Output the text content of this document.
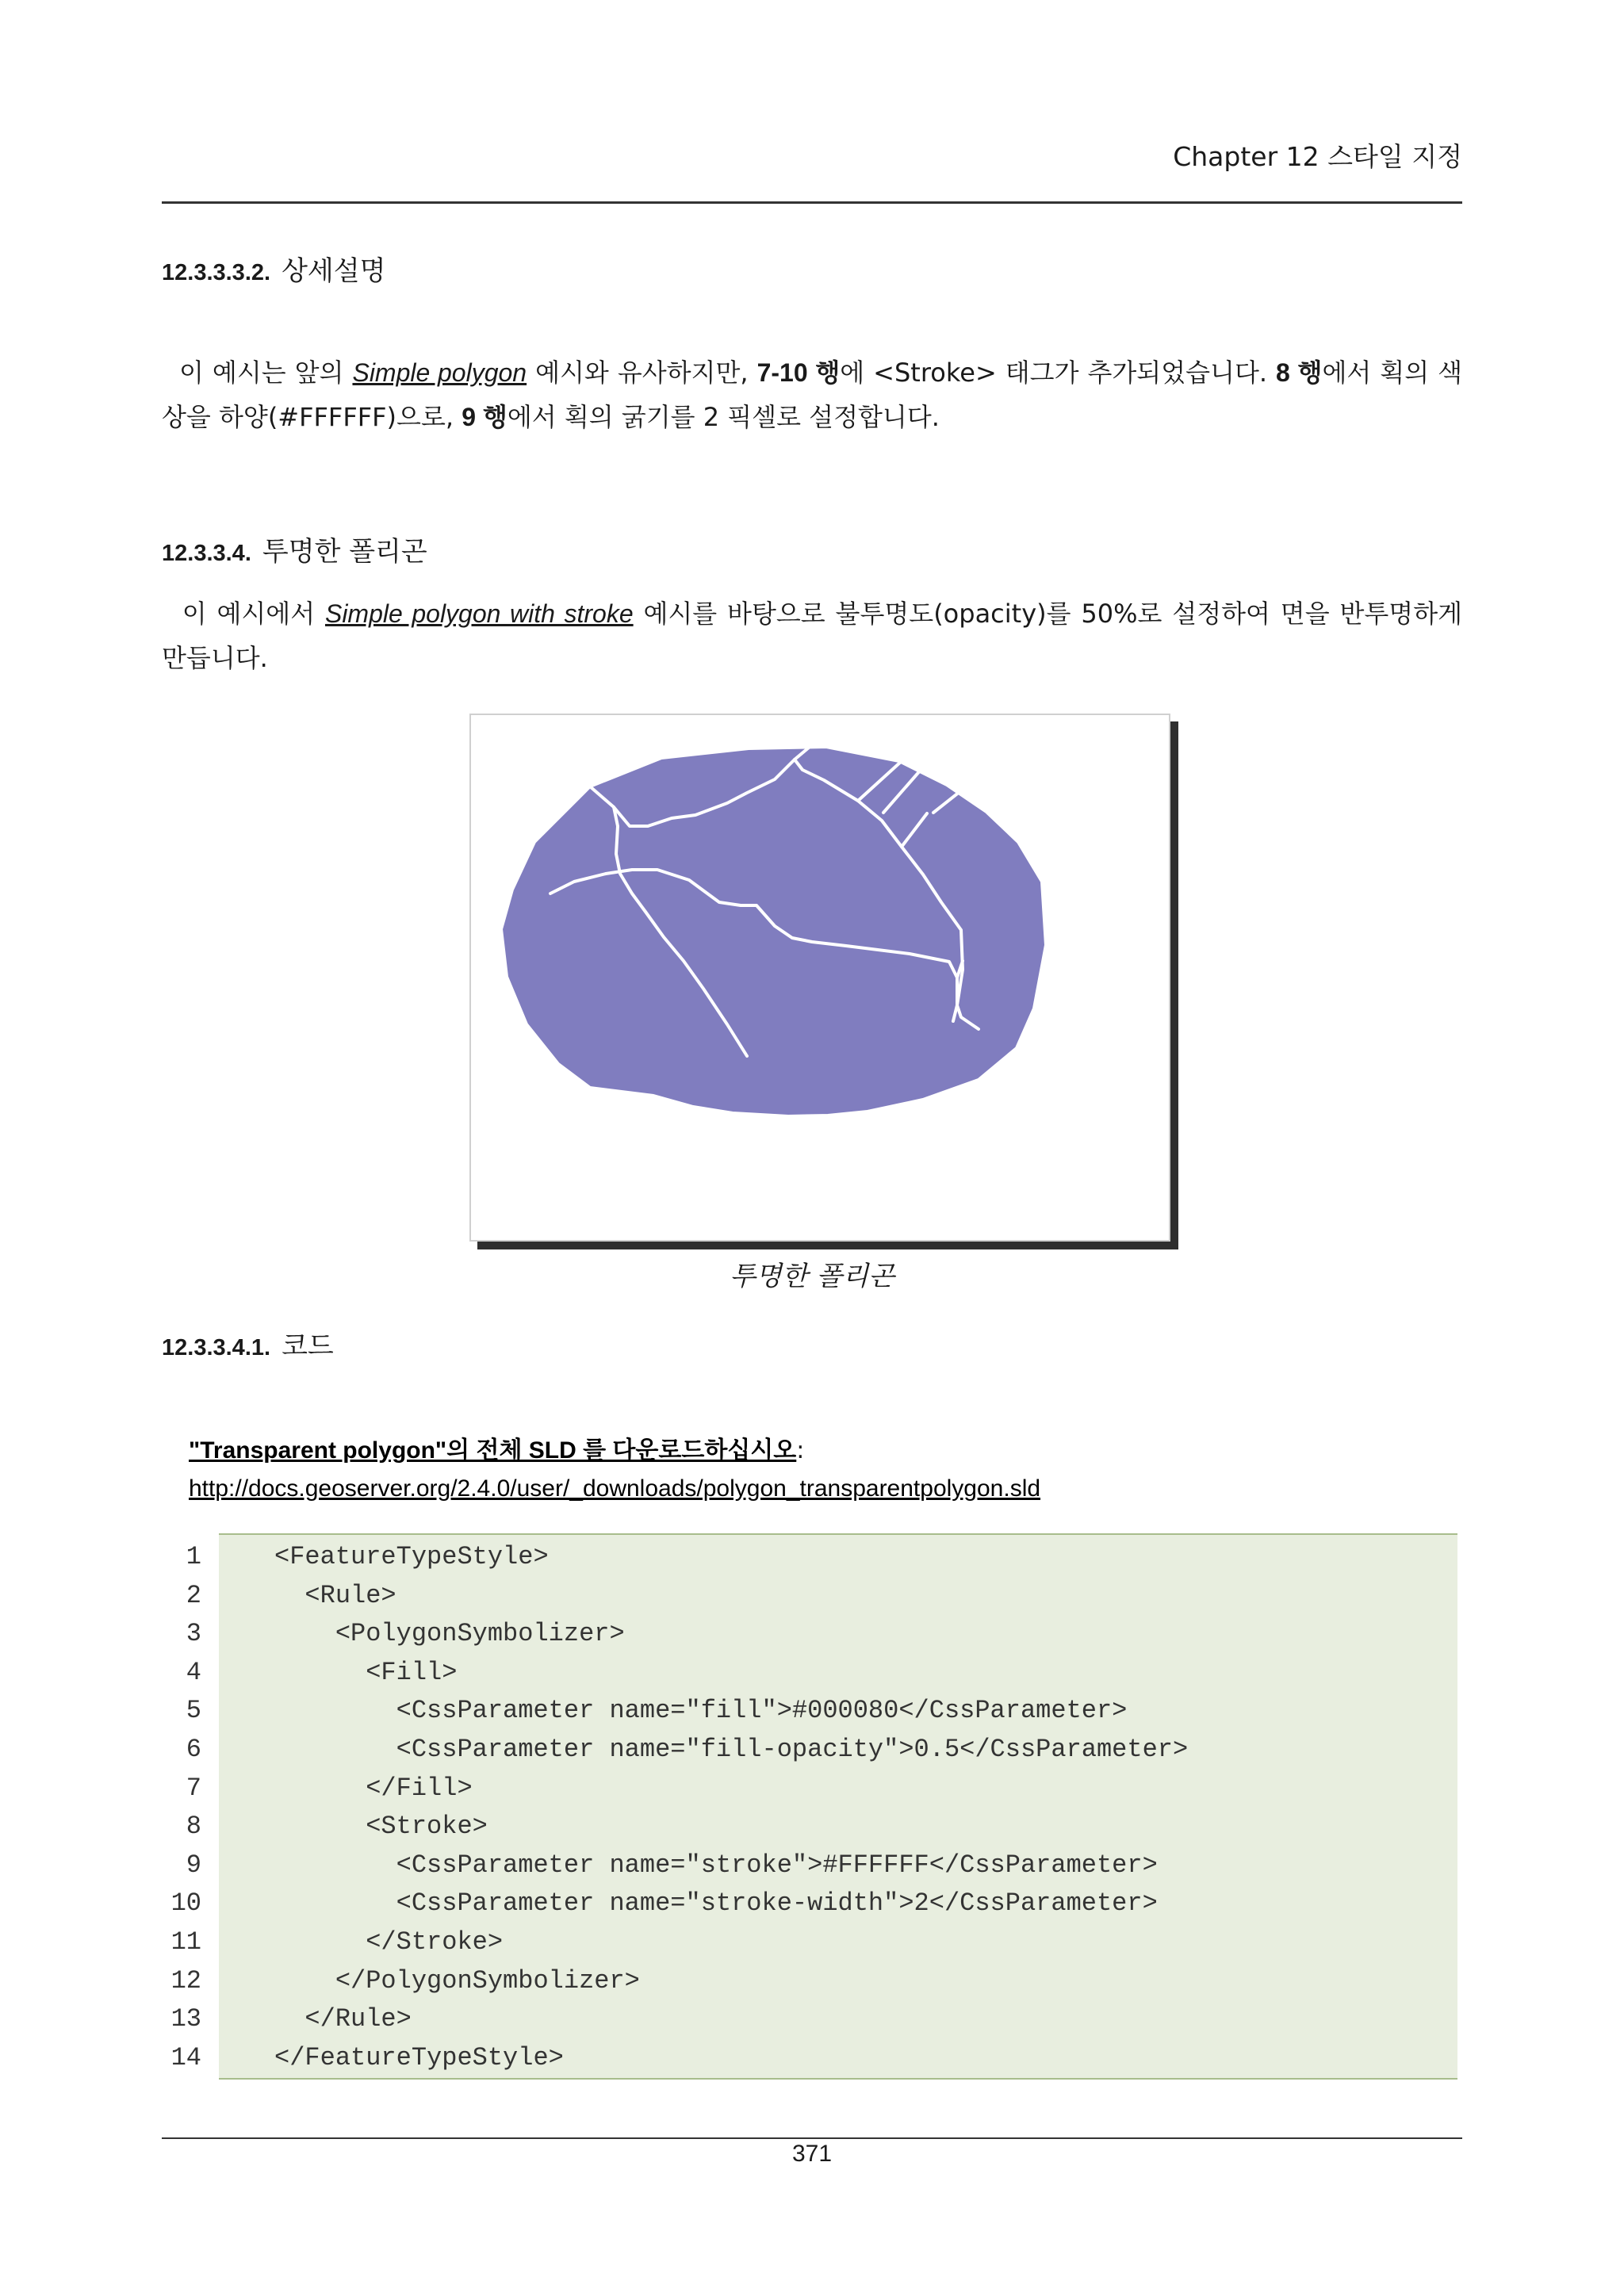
Chapter 12 스타일 지정
12.3.3.3.2. 상세설명
이 예시는 앞의 Simple polygon 예시와 유사하지만, 7-10 행에 <Stroke> 태그가 추가되었습니다. 8 행에서 획의 색상을 하양(#FFFFFF)으로, 9 행에서 획의 굵기를 2 픽셀로 설정합니다.
12.3.3.4. 투명한 폴리곤
이 예시에서 Simple polygon with stroke 예시를 바탕으로 불투명도(opacity)를 50%로 설정하여 면을 반투명하게 만듭니다.
투명한 폴리곤
12.3.3.4.1. 코드
"Transparent polygon"의 전체 SLD 를 다운로드하십시오:
http://docs.geoserver.org/2.4.0/user/_downloads/polygon_transparentpolygon.sld
1	<FeatureTypeStyle>
2	<Rule>
3	<PolygonSymbolizer>
4	<Fill>
5	<CssParameter name="fill">#000080</CssParameter>
6	<CssParameter name="fill-opacity">0.5</CssParameter>
7	</Fill>
8	<Stroke>
9	<CssParameter name="stroke">#FFFFFF</CssParameter>
10	<CssParameter name="stroke-width">2</CssParameter>
11	</Stroke>
12	</PolygonSymbolizer>
13	</Rule>
14	</FeatureTypeStyle>
371
